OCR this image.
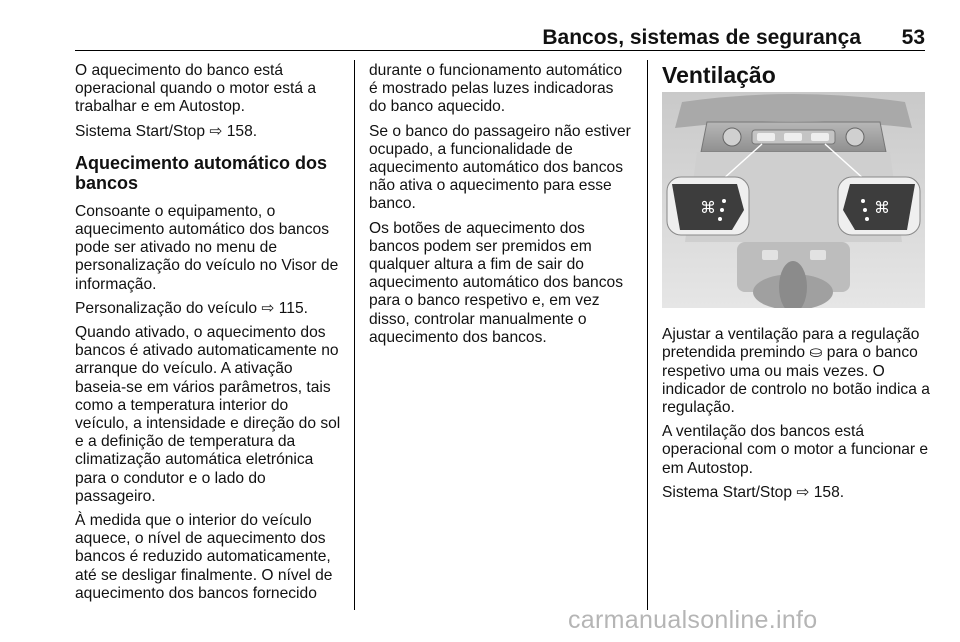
Bancos, sistemas de segurança 53

O aquecimento do banco está operacional quando o motor está a trabalhar e em Autostop.

Sistema Start/Stop ⇨ 158.

Aquecimento automático dos bancos

Consoante o equipamento, o aquecimento automático dos bancos pode ser ativado no menu de personalização do veículo no Visor de informação.

Personalização do veículo ⇨ 115.

Quando ativado, o aquecimento dos bancos é ativado automaticamente no arranque do veículo. A ativação baseia-se em vários parâmetros, tais como a temperatura interior do veículo, a intensidade e direção do sol e a definição de temperatura da climatização automática eletrónica para o condutor e o lado do passageiro.

À medida que o interior do veículo aquece, o nível de aquecimento dos bancos é reduzido automaticamente, até se desligar finalmente. O nível de aquecimento dos bancos fornecido

durante o funcionamento automático é mostrado pelas luzes indicadoras do banco aquecido.

Se o banco do passageiro não estiver ocupado, a funcionalidade de aquecimento automático dos bancos não ativa o aquecimento para esse banco.

Os botões de aquecimento dos bancos podem ser premidos em qualquer altura a fim de sair do aquecimento automático dos bancos para o banco respetivo e, em vez disso, controlar manualmente o aquecimento dos bancos.

Ventilação
⌘	⌘

Ajustar a ventilação para a regulação pretendida premindo ⛀ para o banco respetivo uma ou mais vezes. O indicador de controlo no botão indica a regulação.

A ventilação dos bancos está operacional com o motor a funcionar e em Autostop.

Sistema Start/Stop ⇨ 158.

carmanualsonline.info
